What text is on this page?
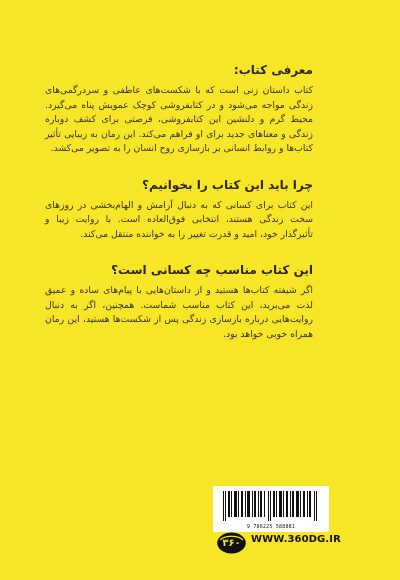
معرفی کتاب:

کتاب داستان زنی است که با شکست‌های عاطفی و سردرگمی‌های زندگی مواجه می‌شود و در کتابفروشی کوچک عمویش پناه می‌گیرد. محیط گرم و دلنشین این کتابفروشی، فرصتی برای کشف دوباره زندگی و معناهای جدید برای او فراهم می‌کند. این رمان به زیبایی تأثیر کتاب‌ها و روابط انسانی بر بازسازی روح انسان را به تصویر می‌کشد.

چرا باید این کتاب را بخوانیم؟

این کتاب برای کسانی که به دنبال آرامش و الهام‌بخشی در روزهای سخت زندگی هستند، انتخابی فوق‌العاده است. با روایت زیبا و تأثیرگذار خود، امید و قدرت تغییر را به خواننده منتقل می‌کند.

این کتاب مناسب چه کسانی است؟

اگر شیفته کتاب‌ها هستید و از داستان‌هایی با پیام‌های ساده و عمیق لذت می‌برید، این کتاب مناسب شماست. همچنین، اگر به دنبال روایت‌هایی درباره بازسازی زندگی پس از شکست‌ها هستید، این رمان همراه خوبی خواهد بود.

9 786225 588881
۳۶۰ WWW.360DG.IR
